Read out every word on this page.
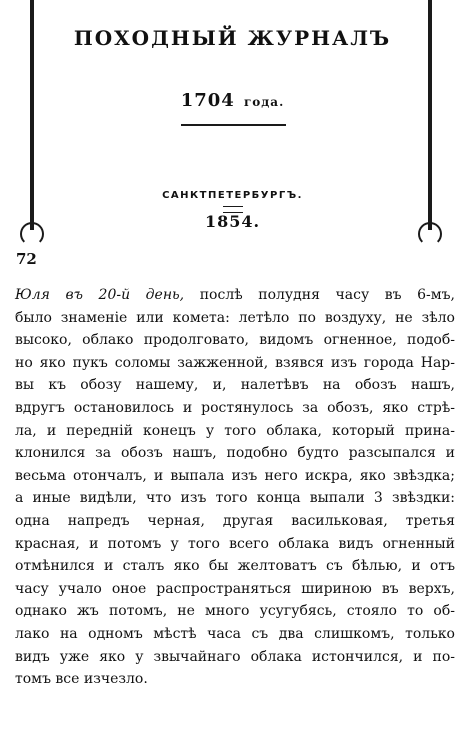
ПОХОДНЫЙ ЖУРНАЛЪ
1704 года.
САНКТПЕТЕРБУРГЪ.
1854.
72
Юля въ 20-й день, послѣ полудня часу въ 6-мъ,
было знаменіе или комета: летѣло по воздуху, не зѣло
высоко, облако продолговато, видомъ огненное, подоб-
но яко пукъ соломы зажженной, взявся изъ города Нар-
вы къ обозу нашему, и, налетѣвъ на обозъ нашъ,
вдругъ остановилось и ростянулось за обозъ, яко стрѣ-
ла, и передній конецъ у того облака, который прина-
клонился за обозъ нашъ, подобно будто разсыпался и
весьма отончалъ, и выпала изъ него искра, яко звѣздка;
а иные видѣли, что изъ того конца выпали 3 звѣздки:
одна напредъ черная, другая васильковая, третья
красная, и потомъ у того всего облака видъ огненный
отмѣнился и сталъ яко бы желтоватъ съ бѣлью, и отъ
часу учало оное распространяться шириною въ верхъ,
однако жъ потомъ, не много усугубясь, стояло то об-
лако на одномъ мѣстѣ часа съ два слишкомъ, только
видъ уже яко у звычайнаго облака истончился, и по-
томъ все изчезло.
